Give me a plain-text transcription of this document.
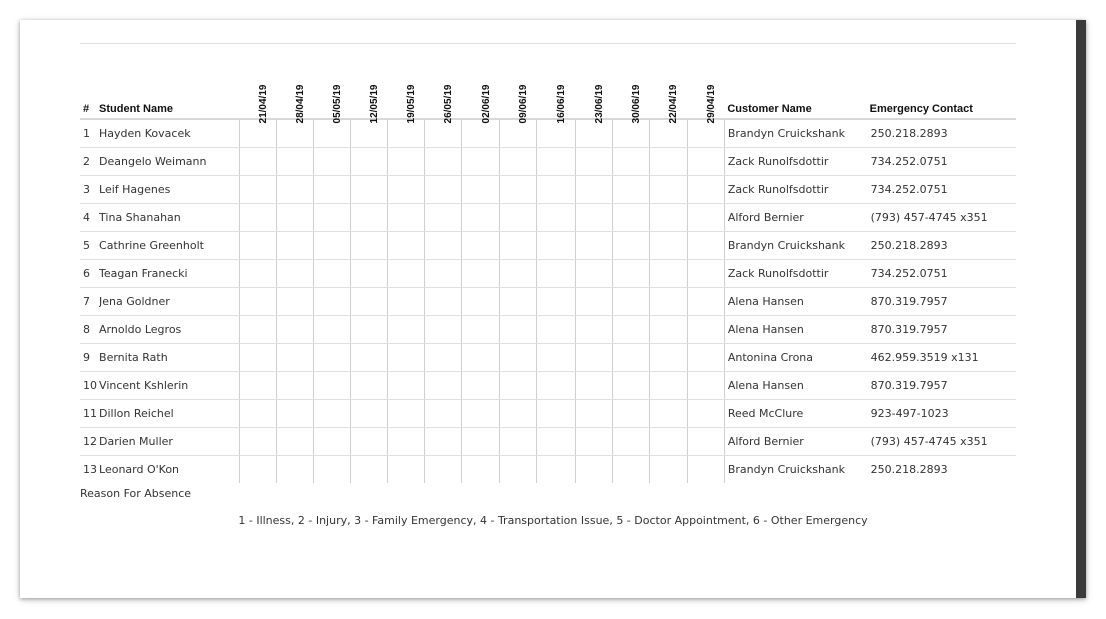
#	Student Name	21/04/19	28/04/19	05/05/19	12/05/19	19/05/19	26/05/19	02/06/19	09/06/19	16/06/19	23/06/19	30/06/19	22/04/19	29/04/19	Customer Name	Emergency Contact
1	Hayden Kovacek														Brandyn Cruickshank	250.218.2893
2	Deangelo Weimann														Zack Runolfsdottir	734.252.0751
3	Leif Hagenes														Zack Runolfsdottir	734.252.0751
4	Tina Shanahan														Alford Bernier	(793) 457-4745 x351
5	Cathrine Greenholt														Brandyn Cruickshank	250.218.2893
6	Teagan Franecki														Zack Runolfsdottir	734.252.0751
7	Jena Goldner														Alena Hansen	870.319.7957
8	Arnoldo Legros														Alena Hansen	870.319.7957
9	Bernita Rath														Antonina Crona	462.959.3519 x131
10	Vincent Kshlerin														Alena Hansen	870.319.7957
11	Dillon Reichel														Reed McClure	923-497-1023
12	Darien Muller														Alford Bernier	(793) 457-4745 x351
13	Leonard O'Kon														Brandyn Cruickshank	250.218.2893
Reason For Absence
1 - Illness, 2 - Injury, 3 - Family Emergency, 4 - Transportation Issue, 5 - Doctor Appointment, 6 - Other Emergency
